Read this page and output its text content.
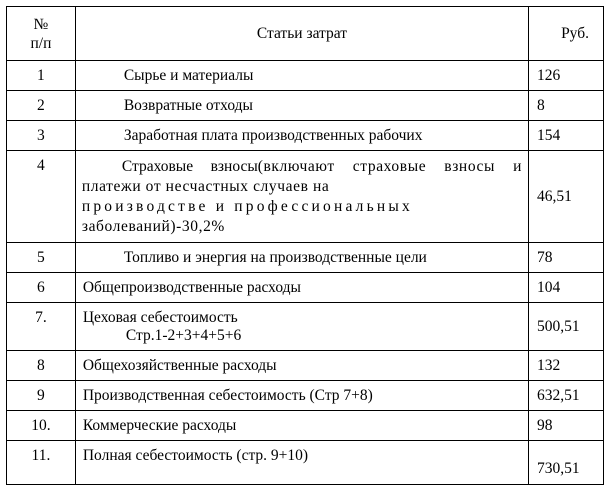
№
п/п	Статьи затрат	Руб.
1	Сырье и материалы	126
2	Возвратные отходы	8
3	Заработная плата производственных рабочих	154
4	Страховые взносы(включают страховые взносы и платежи от несчастных случаев на
производстве и профессиональных
заболеваний)-30,2%	46,51
5	Топливо и энергия на производственные цели	78
6	Общепроизводственные расходы	104
7.	Цеховая себестоимость
Стр.1-2+3+4+5+6	500,51
8	Общехозяйственные расходы	132
9	Производственная себестоимость (Стр 7+8)	632,51
10.	Коммерческие расходы	98
11.	Полная себестоимость (стр. 9+10)	730,51
